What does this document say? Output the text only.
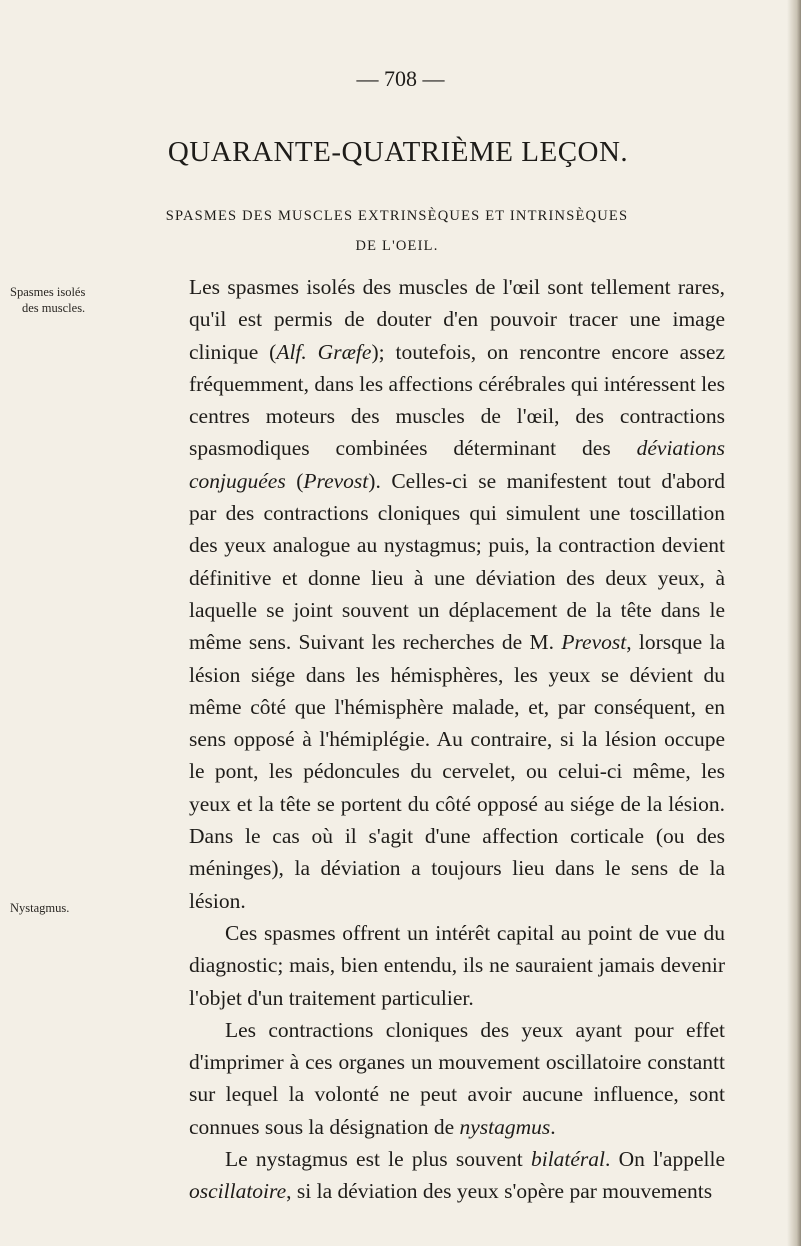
— 708 —
QUARANTE-QUATRIÈME LEÇON.
SPASMES DES MUSCLES EXTRINSÈQUES ET INTRINSÈQUES
DE L'OEIL.
Spasmes isolés
des muscles.
Nystagmus.

Les spasmes isolés des muscles de l'œil sont tellement rares, qu'il est permis de douter d'en pouvoir tracer une image clinique (Alf. Græfe); toutefois, on rencontre encore assez fréquemment, dans les affections cérébrales qui intéressent les centres moteurs des muscles de l'œil, des contractions spasmodiques combinées déterminant des déviations conjuguées (Prevost). Celles-ci se manifestent tout d'abord par des contractions cloniques qui simulent une toscillation des yeux analogue au nystagmus; puis, la contraction devient définitive et donne lieu à une déviation des deux yeux, à laquelle se joint souvent un déplacement de la tête dans le même sens. Suivant les recherches de M. Prevost, lorsque la lésion siége dans les hémisphères, les yeux se dévient du même côté que l'hémisphère malade, et, par conséquent, en sens opposé à l'hémiplégie. Au contraire, si la lésion occupe le pont, les pédoncules du cervelet, ou celui-ci même, les yeux et la tête se portent du côté opposé au siége de la lésion. Dans le cas où il s'agit d'une affection corticale (ou des méninges), la déviation a toujours lieu dans le sens de la lésion.

Ces spasmes offrent un intérêt capital au point de vue du diagnostic; mais, bien entendu, ils ne sauraient jamais devenir l'objet d'un traitement particulier.

Les contractions cloniques des yeux ayant pour effet d'imprimer à ces organes un mouvement oscillatoire constantt sur lequel la volonté ne peut avoir aucune influence, sont connues sous la désignation de nystagmus.

Le nystagmus est le plus souvent bilatéral. On l'appelle oscillatoire, si la déviation des yeux s'opère par mouvements
